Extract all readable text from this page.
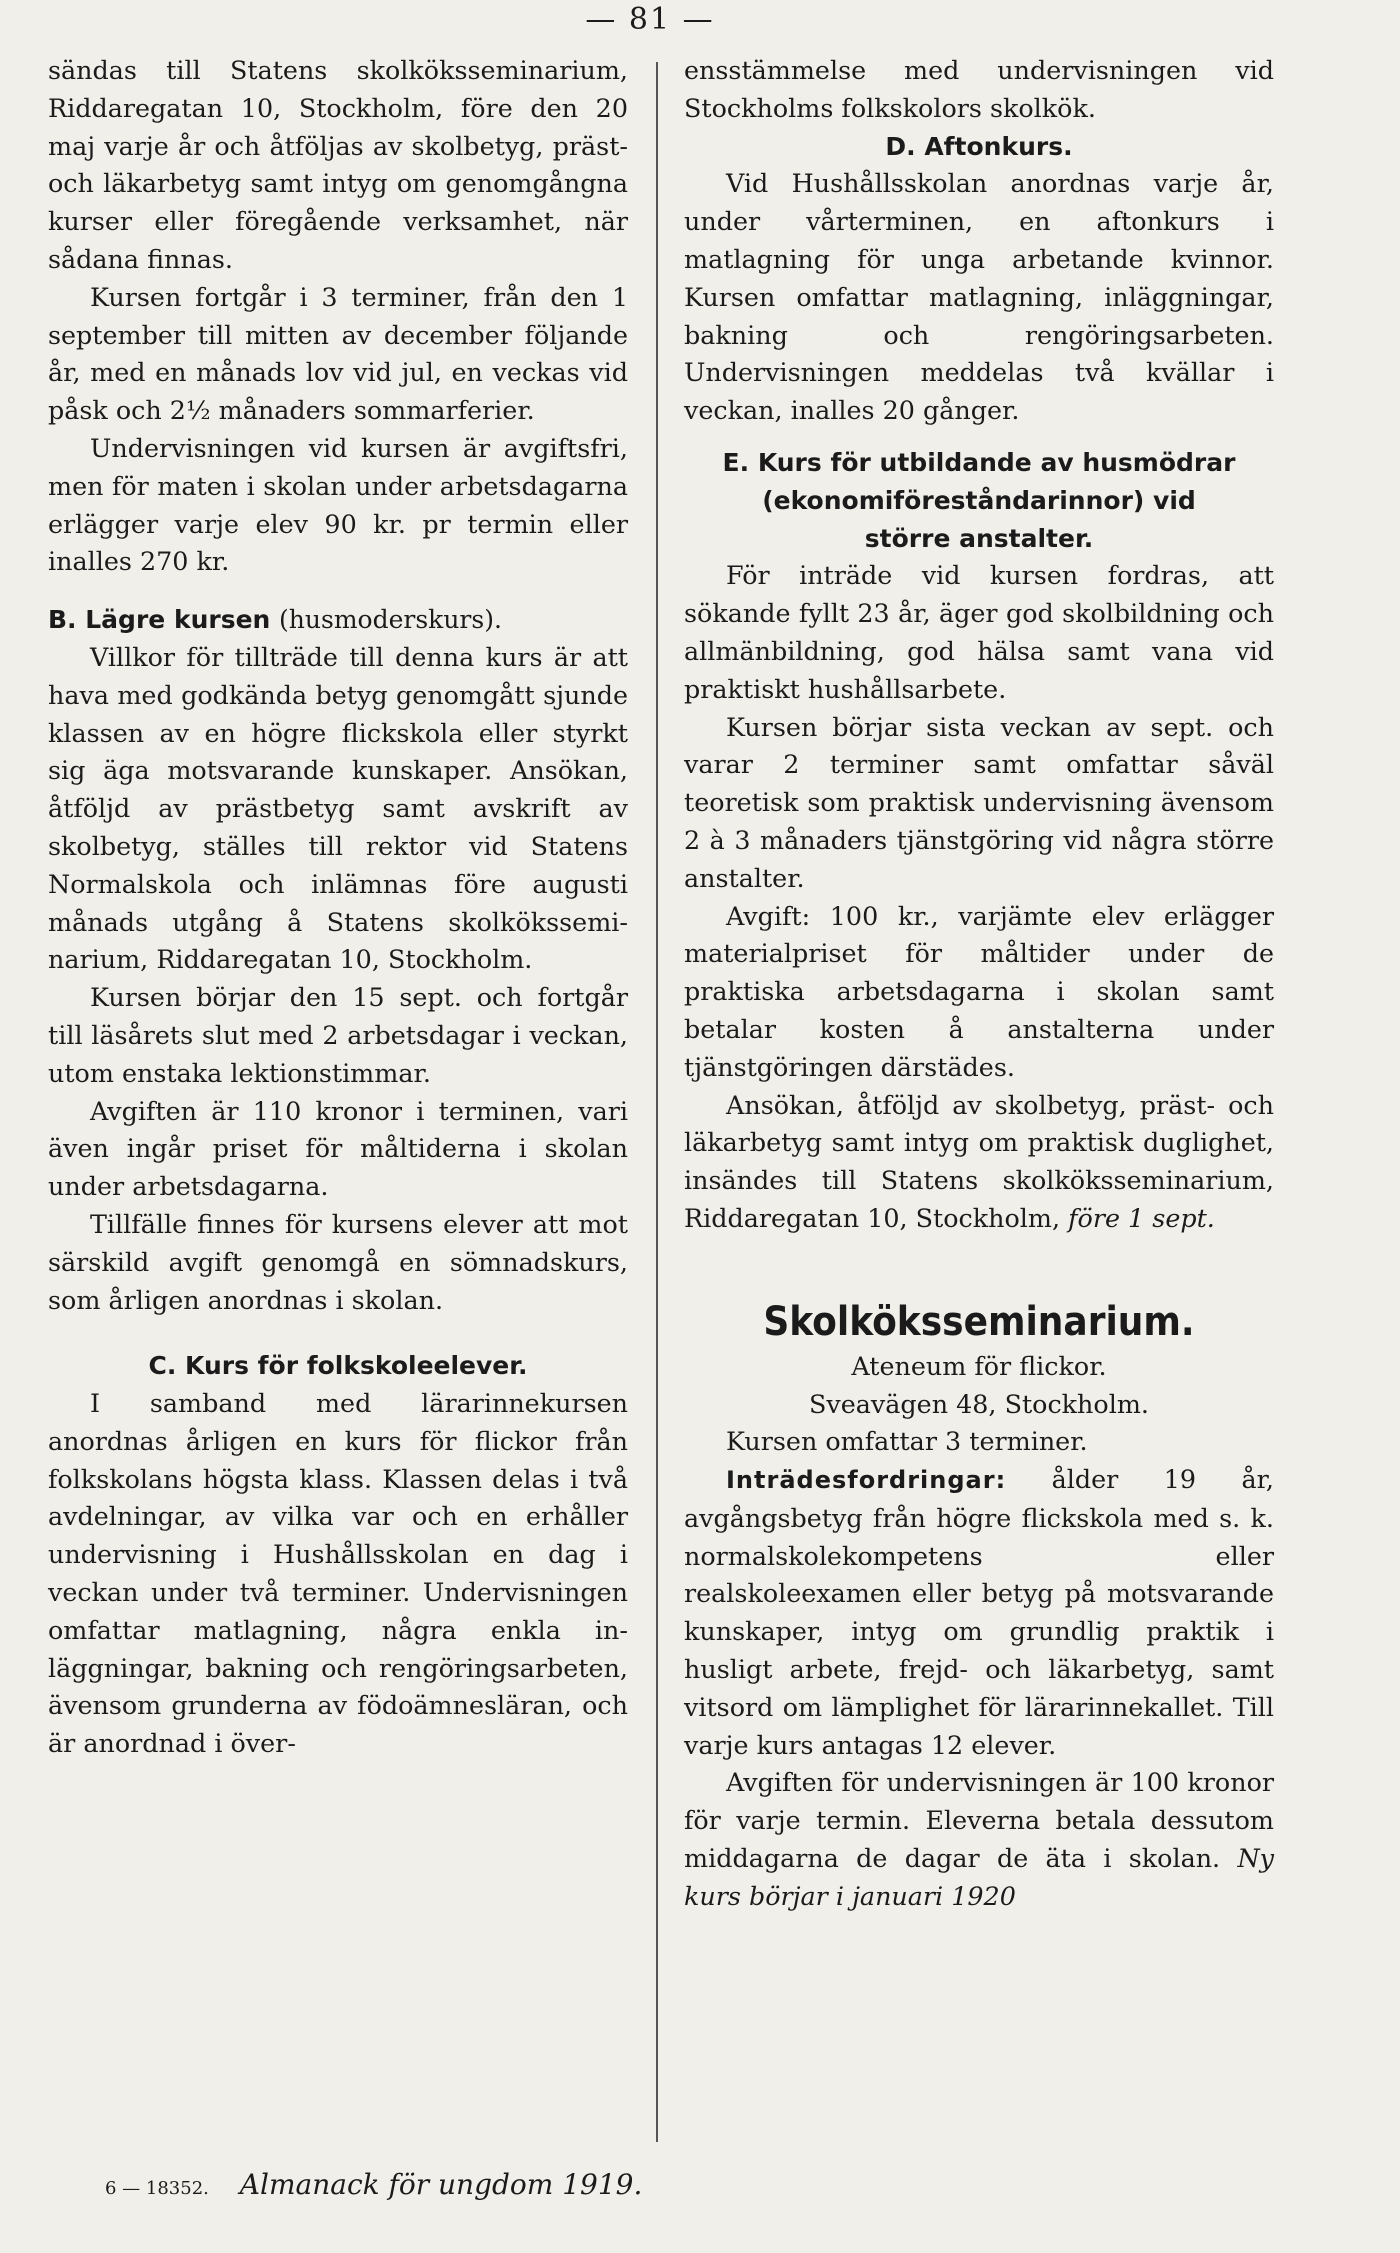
— 81 —

sändas till Statens skolköksseminarium, Riddaregatan 10, Stockholm, före den 20 maj varje år och åtföljas av skolbetyg, präst- och läkarbetyg samt intyg om genomgångna kurser eller föregående verksamhet, när sådana finnas.

Kursen fortgår i 3 terminer, från den 1 september till mitten av december följande år, med en månads lov vid jul, en veckas vid påsk och 2½ månaders sommarferier.

Undervisningen vid kursen är avgiftsfri, men för maten i skolan under arbetsdagarna erlägger varje elev 90 kr. pr termin eller inalles 270 kr.

B. Lägre kursen (husmoderskurs).

Villkor för tillträde till denna kurs är att hava med godkända betyg genomgått sjunde klassen av en högre flickskola eller styrkt sig äga motsvarande kunskaper. Ansökan, åtföljd av prästbetyg samt avskrift av skolbetyg, ställes till rektor vid Statens Normalskola och inlämnas före augusti månads utgång å Statens skolköksseminarium, Riddaregatan 10, Stockholm.

Kursen börjar den 15 sept. och fortgår till läsårets slut med 2 arbetsdagar i veckan, utom enstaka lektionstimmar.

Avgiften är 110 kronor i terminen, vari även ingår priset för måltiderna i skolan under arbetsdagarna.

Tillfälle finnes för kursens elever att mot särskild avgift genomgå en sömnadskurs, som årligen anordnas i skolan.

C. Kurs för folkskoleelever.

I samband med lärarinnekursen anordnas årligen en kurs för flickor från folkskolans högsta klass. Klassen delas i två avdelningar, av vilka var och en erhåller undervisning i Hushållsskolan en dag i veckan under två terminer. Undervisningen omfattar matlagning, några enkla inläggningar, bakning och rengöringsarbeten, ävensom grunderna av födoämnesläran, och är anordnad i över-

ensstämmelse med undervisningen vid Stockholms folkskolors skolkök.

D. Aftonkurs.

Vid Hushållsskolan anordnas varje år, under vårterminen, en aftonkurs i matlagning för unga arbetande kvinnor. Kursen omfattar matlagning, inläggningar, bakning och rengöringsarbeten. Undervisningen meddelas två kvällar i veckan, inalles 20 gånger.

E. Kurs för utbildande av husmödrar (ekonomiföreståndarinnor) vid
större anstalter.

För inträde vid kursen fordras, att sökande fyllt 23 år, äger god skolbildning och allmänbildning, god hälsa samt vana vid praktiskt hushållsarbete.

Kursen börjar sista veckan av sept. och varar 2 terminer samt omfattar såväl teoretisk som praktisk undervisning ävensom 2 à 3 månaders tjänstgöring vid några större anstalter.

Avgift: 100 kr., varjämte elev erlägger materialpriset för måltider under de praktiska arbetsdagarna i skolan samt betalar kosten å anstalterna under tjänstgöringen därstädes.

Ansökan, åtföljd av skolbetyg, präst- och läkarbetyg samt intyg om praktisk duglighet, insändes till Statens skolköksseminarium, Riddaregatan 10, Stockholm, före 1 sept.

Skolköksseminarium.

Ateneum för flickor.

Sveavägen 48, Stockholm.

Kursen omfattar 3 terminer.

Inträdesfordringar: ålder 19 år, avgångsbetyg från högre flickskola med s. k. normalskolekompetens eller realskoleexamen eller betyg på motsvarande kunskaper, intyg om grundlig praktik i husligt arbete, frejd- och läkarbetyg, samt vitsord om lämplighet för lärarinnekallet. Till varje kurs antagas 12 elever.

Avgiften för undervisningen är 100 kronor för varje termin. Eleverna betala dessutom middagarna de dagar de äta i skolan. Ny kurs börjar i januari 1920

6 — 18352. Almanack för ungdom 1919.
